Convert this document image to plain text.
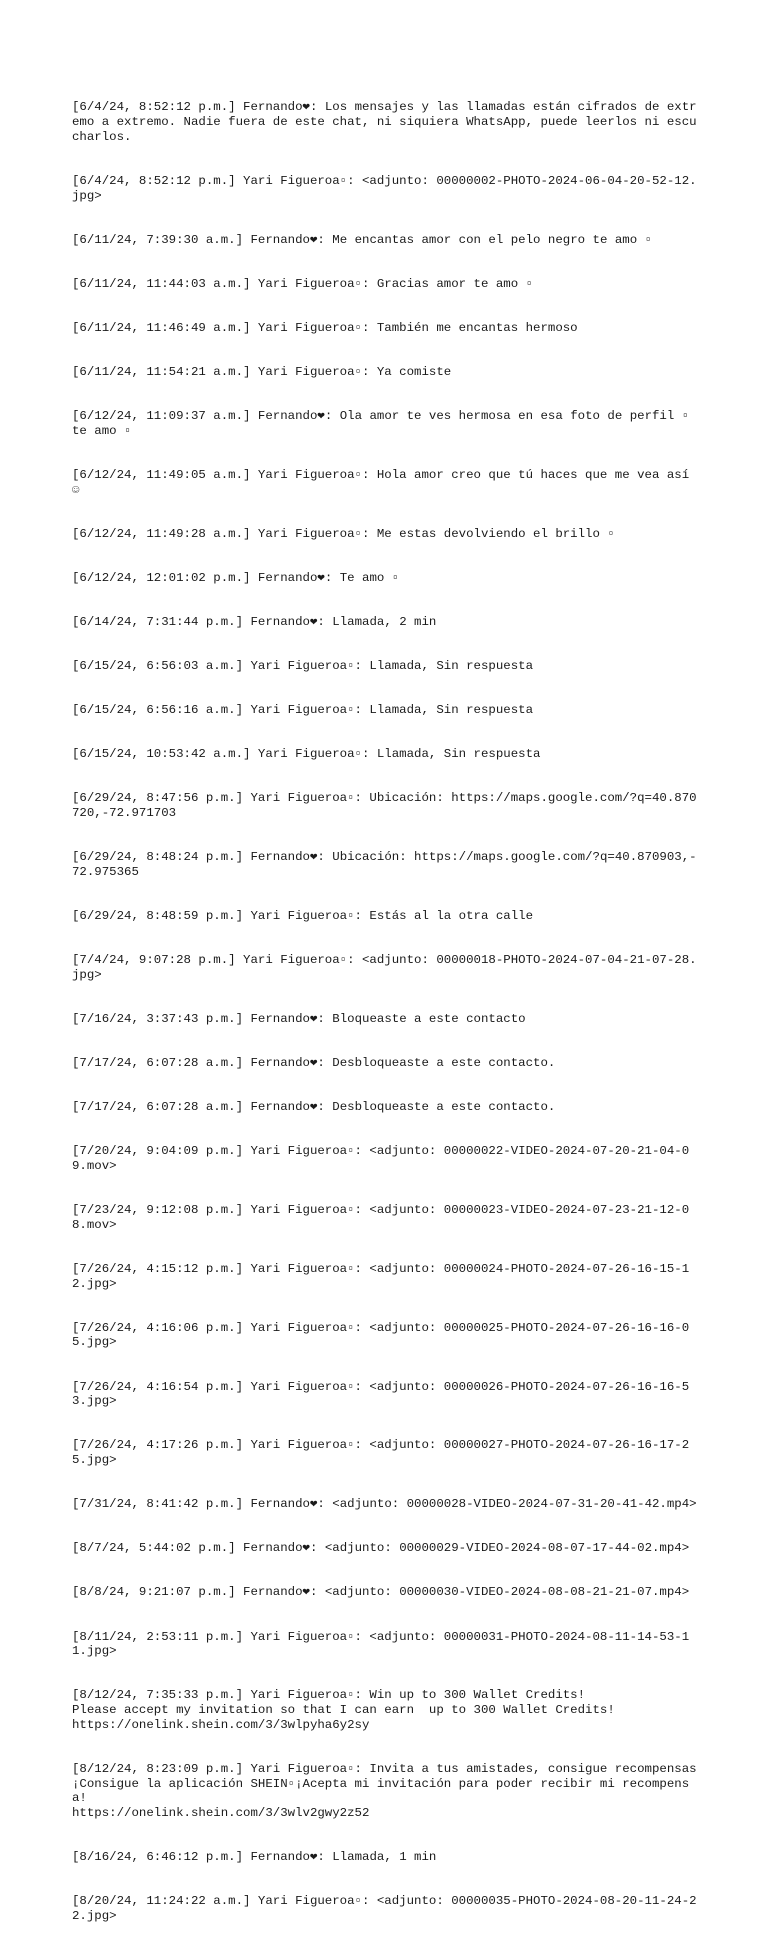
[6/4/24, 8:52:12 p.m.] Fernando❤: Los mensajes y las llamadas están cifrados de extremo a extremo. Nadie fuera de este chat, ni siquiera WhatsApp, puede leerlos ni escucharlos.

[6/4/24, 8:52:12 p.m.] Yari Figueroa▫: <adjunto: 00000002-PHOTO-2024-06-04-20-52-12.jpg>

[6/11/24, 7:39:30 a.m.] Fernando❤: Me encantas amor con el pelo negro te amo ▫

[6/11/24, 11:44:03 a.m.] Yari Figueroa▫: Gracias amor te amo ▫

[6/11/24, 11:46:49 a.m.] Yari Figueroa▫: También me encantas hermoso

[6/11/24, 11:54:21 a.m.] Yari Figueroa▫: Ya comiste

[6/12/24, 11:09:37 a.m.] Fernando❤: Ola amor te ves hermosa en esa foto de perfil ▫ te amo ▫

[6/12/24, 11:49:05 a.m.] Yari Figueroa▫: Hola amor creo que tú haces que me vea así ☺

[6/12/24, 11:49:28 a.m.] Yari Figueroa▫: Me estas devolviendo el brillo ▫

[6/12/24, 12:01:02 p.m.] Fernando❤: Te amo ▫

[6/14/24, 7:31:44 p.m.] Fernando❤: Llamada, 2 min

[6/15/24, 6:56:03 a.m.] Yari Figueroa▫: Llamada, Sin respuesta

[6/15/24, 6:56:16 a.m.] Yari Figueroa▫: Llamada, Sin respuesta

[6/15/24, 10:53:42 a.m.] Yari Figueroa▫: Llamada, Sin respuesta

[6/29/24, 8:47:56 p.m.] Yari Figueroa▫: Ubicación: https://maps.google.com/?q=40.870720,-72.971703

[6/29/24, 8:48:24 p.m.] Fernando❤: Ubicación: https://maps.google.com/?q=40.870903,-72.975365

[6/29/24, 8:48:59 p.m.] Yari Figueroa▫: Estás al la otra calle

[7/4/24, 9:07:28 p.m.] Yari Figueroa▫: <adjunto: 00000018-PHOTO-2024-07-04-21-07-28.jpg>

[7/16/24, 3:37:43 p.m.] Fernando❤: Bloqueaste a este contacto

[7/17/24, 6:07:28 a.m.] Fernando❤: Desbloqueaste a este contacto.

[7/17/24, 6:07:28 a.m.] Fernando❤: Desbloqueaste a este contacto.

[7/20/24, 9:04:09 p.m.] Yari Figueroa▫: <adjunto: 00000022-VIDEO-2024-07-20-21-04-09.mov>

[7/23/24, 9:12:08 p.m.] Yari Figueroa▫: <adjunto: 00000023-VIDEO-2024-07-23-21-12-08.mov>

[7/26/24, 4:15:12 p.m.] Yari Figueroa▫: <adjunto: 00000024-PHOTO-2024-07-26-16-15-12.jpg>

[7/26/24, 4:16:06 p.m.] Yari Figueroa▫: <adjunto: 00000025-PHOTO-2024-07-26-16-16-05.jpg>

[7/26/24, 4:16:54 p.m.] Yari Figueroa▫: <adjunto: 00000026-PHOTO-2024-07-26-16-16-53.jpg>

[7/26/24, 4:17:26 p.m.] Yari Figueroa▫: <adjunto: 00000027-PHOTO-2024-07-26-16-17-25.jpg>

[7/31/24, 8:41:42 p.m.] Fernando❤: <adjunto: 00000028-VIDEO-2024-07-31-20-41-42.mp4>

[8/7/24, 5:44:02 p.m.] Fernando❤: <adjunto: 00000029-VIDEO-2024-08-07-17-44-02.mp4>

[8/8/24, 9:21:07 p.m.] Fernando❤: <adjunto: 00000030-VIDEO-2024-08-08-21-21-07.mp4>

[8/11/24, 2:53:11 p.m.] Yari Figueroa▫: <adjunto: 00000031-PHOTO-2024-08-11-14-53-11.jpg>

[8/12/24, 7:35:33 p.m.] Yari Figueroa▫: Win up to 300 Wallet Credits!
Please accept my invitation so that I can earn  up to 300 Wallet Credits!
https://onelink.shein.com/3/3wlpyha6y2sy

[8/12/24, 8:23:09 p.m.] Yari Figueroa▫: Invita a tus amistades, consigue recompensas
¡Consigue la aplicación SHEIN▫¡Acepta mi invitación para poder recibir mi recompensa!
https://onelink.shein.com/3/3wlv2gwy2z52

[8/16/24, 6:46:12 p.m.] Fernando❤: Llamada, 1 min

[8/20/24, 11:24:22 a.m.] Yari Figueroa▫: <adjunto: 00000035-PHOTO-2024-08-20-11-24-22.jpg>
